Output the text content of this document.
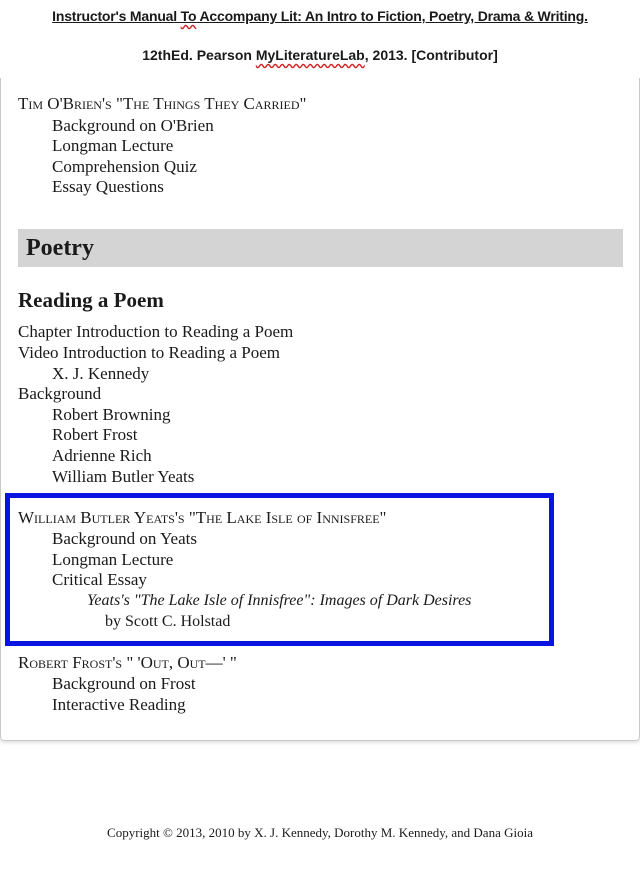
Instructor's Manual To Accompany Lit: An Intro to Fiction, Poetry, Drama & Writing.
12thEd. Pearson MyLiteratureLab, 2013. [Contributor]
Tim O'Brien's "The Things They Carried"
Background on O'Brien
Longman Lecture
Comprehension Quiz
Essay Questions
Poetry
Reading a Poem
Chapter Introduction to Reading a Poem
Video Introduction to Reading a Poem
X. J. Kennedy
Background
Robert Browning
Robert Frost
Adrienne Rich
William Butler Yeats
William Butler Yeats's "The Lake Isle of Innisfree"
Background on Yeats
Longman Lecture
Critical Essay
Yeats's "The Lake Isle of Innisfree": Images of Dark Desires
by Scott C. Holstad
Robert Frost's " 'Out, Out—' "
Background on Frost
Interactive Reading
Copyright © 2013, 2010 by X. J. Kennedy, Dorothy M. Kennedy, and Dana Gioia
